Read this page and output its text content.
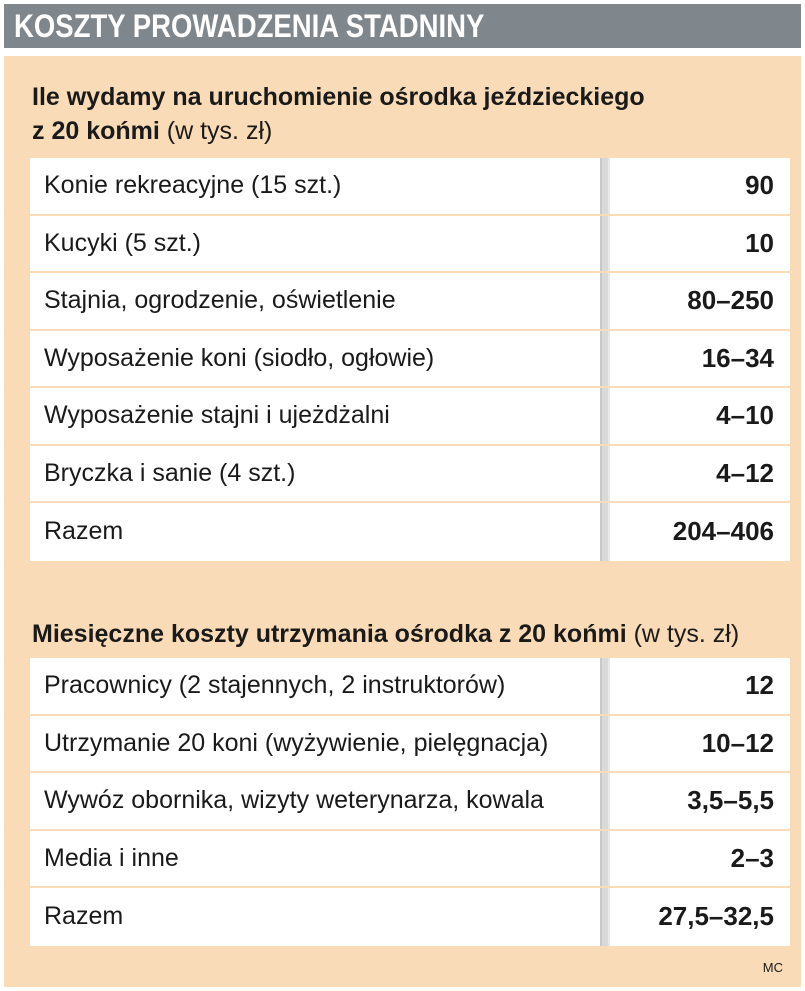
KOSZTY PROWADZENIA STADNINY
Ile wydamy na uruchomienie ośrodka jeździeckiego
z 20 końmi (w tys. zł)
Konie rekreacyjne (15 szt.)	90
Kucyki (5 szt.)	10
Stajnia, ogrodzenie, oświetlenie	80–250
Wyposażenie koni (siodło, ogłowie)	16–34
Wyposażenie stajni i ujeżdżalni	4–10
Bryczka i sanie (4 szt.)	4–12
Razem	204–406
Miesięczne koszty utrzymania ośrodka z 20 końmi (w tys. zł)
Pracownicy (2 stajennych, 2 instruktorów)	12
Utrzymanie 20 koni (wyżywienie, pielęgnacja)	10–12
Wywóz obornika, wizyty weterynarza, kowala	3,5–5,5
Media i inne	2–3
Razem	27,5–32,5
MC
